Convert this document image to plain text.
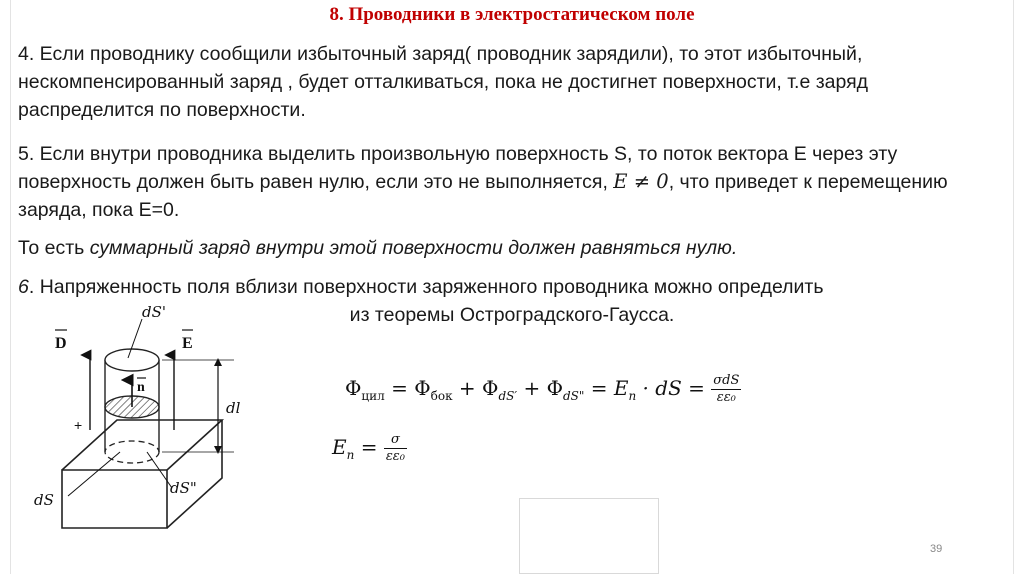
8. Проводники в электростатическом поле
4. Если проводнику сообщили избыточный заряд( проводник зарядили), то этот избыточный, нескомпенсированный заряд , будет отталкиваться, пока не достигнет поверхности, т.е заряд распределится по поверхности.
5. Если внутри проводника выделить произвольную поверхность S, то поток вектора E через эту поверхность должен быть равен нулю, если это не выполняется, E ≠ 0, что приведет к перемещению заряда, пока E=0.
То есть суммарный заряд внутри этой поверхности должен равняться нулю.
6. Напряженность поля вблизи поверхности заряженного проводника можно определить
из теоремы Остроградского-Гаусса.
dS'
D	E
n
dl
+
dS
dS"
$\Phi_{цил} = \Phi_{бок} + \Phi_{dS'} + \Phi_{dS"} = E_n$ · dS = $\frac{\text{σdS}}{\text{εε₀}}$
$E_n = \frac{\sigma}{\text{εε₀}}$
39
